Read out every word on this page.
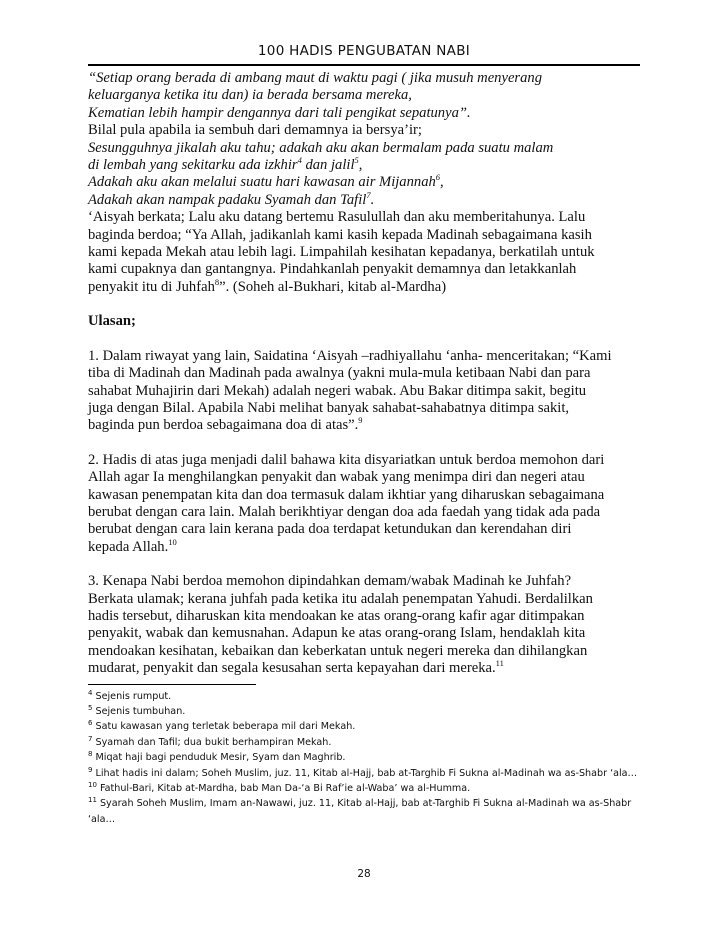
100 HADIS PENGUBATAN NABI

“Setiap orang berada di ambang maut di waktu pagi ( jika musuh menyerang

keluarganya ketika itu dan) ia berada bersama mereka,

Kematian lebih hampir dengannya dari tali pengikat sepatunya”.

Bilal pula apabila ia sembuh dari demamnya ia bersya’ir;

Sesungguhnya jikalah aku tahu; adakah aku akan bermalam pada suatu malam

di lembah yang sekitarku ada izkhir$^4$ dan jalil$^5$,

Adakah aku akan melalui suatu hari kawasan air Mijannah$^6$,

Adakah akan nampak padaku Syamah dan Tafil$^7$.

‘Aisyah berkata; Lalu aku datang bertemu Rasulullah dan aku memberitahunya. Lalu

baginda berdoa; “Ya Allah, jadikanlah kami kasih kepada Madinah sebagaimana kasih

kami kepada Mekah atau lebih lagi. Limpahilah kesihatan kepadanya, berkatilah untuk

kami cupaknya dan gantangnya. Pindahkanlah penyakit demamnya dan letakkanlah

penyakit itu di Juhfah$^8$”. (Soheh al-Bukhari, kitab al-Mardha)

Ulasan;

1. Dalam riwayat yang lain, Saidatina ‘Aisyah –radhiyallahu ‘anha- menceritakan; “Kami

tiba di Madinah dan Madinah pada awalnya (yakni mula-mula ketibaan Nabi dan para

sahabat Muhajirin dari Mekah) adalah negeri wabak. Abu Bakar ditimpa sakit, begitu

juga dengan Bilal. Apabila Nabi melihat banyak sahabat-sahabatnya ditimpa sakit,

baginda pun berdoa sebagaimana doa di atas”.$^9$

2. Hadis di atas juga menjadi dalil bahawa kita disyariatkan untuk berdoa memohon dari

Allah agar Ia menghilangkan penyakit dan wabak yang menimpa diri dan negeri atau

kawasan penempatan kita dan doa termasuk dalam ikhtiar yang diharuskan sebagaimana

berubat dengan cara lain. Malah berikhtiyar dengan doa ada faedah yang tidak ada pada

berubat dengan cara lain kerana pada doa terdapat ketundukan dan kerendahan diri

kepada Allah.$^{10}$

3. Kenapa Nabi berdoa memohon dipindahkan demam/wabak Madinah ke Juhfah?

Berkata ulamak; kerana juhfah pada ketika itu adalah penempatan Yahudi. Berdalilkan

hadis tersebut, diharuskan kita mendoakan ke atas orang-orang kafir agar ditimpakan

penyakit, wabak dan kemusnahan. Adapun ke atas orang-orang Islam, hendaklah kita

mendoakan kesihatan, kebaikan dan keberkatan untuk negeri mereka dan dihilangkan

mudarat, penyakit dan segala kesusahan serta kepayahan dari mereka.$^{11}$

$^4$ Sejenis rumput.
$^5$ Sejenis tumbuhan.
$^6$ Satu kawasan yang terletak beberapa mil dari Mekah.
$^7$ Syamah dan Tafil; dua bukit berhampiran Mekah.
$^8$ Miqat haji bagi penduduk Mesir, Syam dan Maghrib.
$^9$ Lihat hadis ini dalam; Soheh Muslim, juz. 11, Kitab al-Hajj, bab at-Targhib Fi Sukna al-Madinah wa as-Shabr ‘ala…
$^{10}$ Fathul-Bari, Kitab at-Mardha, bab Man Da-‘a Bi Raf’ie al-Waba’ wa al-Humma.
$^{11}$ Syarah Soheh Muslim, Imam an-Nawawi, juz. 11, Kitab al-Hajj, bab at-Targhib Fi Sukna al-Madinah wa as-Shabr
‘ala…
28
